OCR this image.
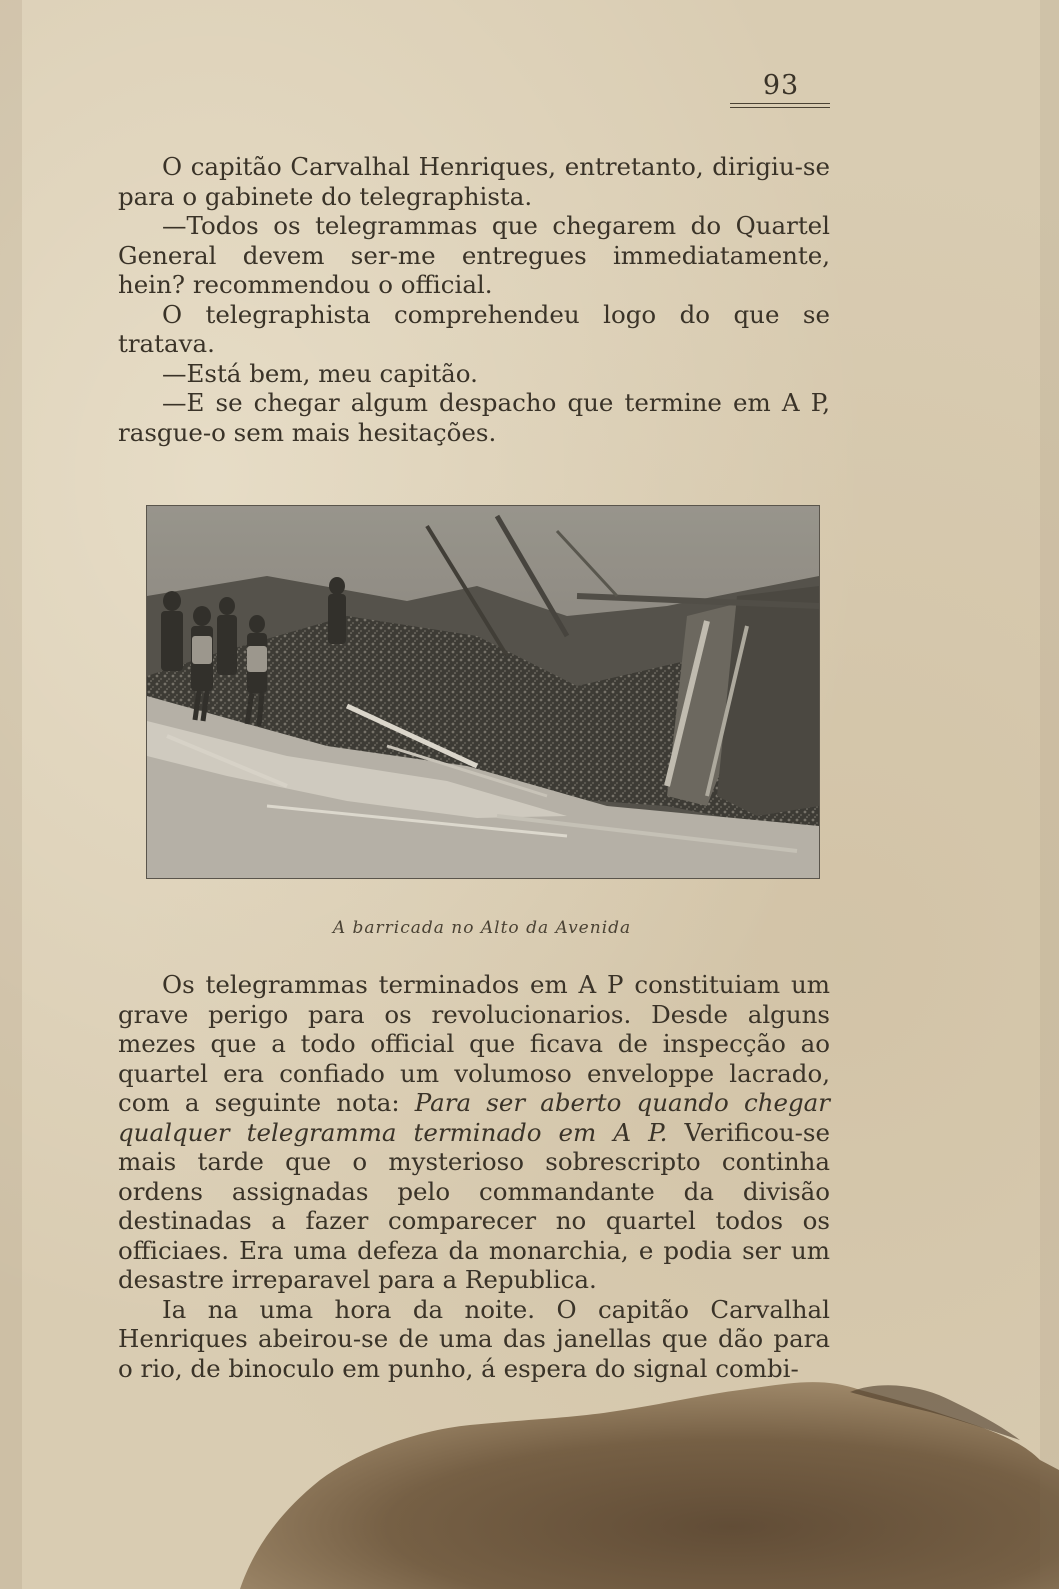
93

O capitão Carvalhal Henriques, entretanto, dirigiu-se para o gabinete do telegraphista.

—Todos os telegrammas que chegarem do Quartel General devem ser-me entregues immediatamente, hein? recommendou o official.

O telegraphista comprehendeu logo do que se tratava.

—Está bem, meu capitão.

—E se chegar algum despacho que termine em A P, rasgue-o sem mais hesitações.

A barricada no Alto da Avenida

Os telegrammas terminados em A P constituiam um grave perigo para os revolucionarios. Desde alguns mezes que a todo official que ficava de inspecção ao quartel era confiado um volumoso enveloppe lacrado, com a seguinte nota: Para ser aberto quando chegar qualquer telegramma terminado em A P. Verificou-se mais tarde que o mysterioso sobrescripto continha ordens assignadas pelo commandante da divisão destinadas a fazer comparecer no quartel todos os officiaes. Era uma defeza da monarchia, e podia ser um desastre irreparavel para a Republica.

Ia na uma hora da noite. O capitão Carvalhal Henriques abeirou-se de uma das janellas que dão para o rio, de binoculo em punho, á espera do signal combi-
